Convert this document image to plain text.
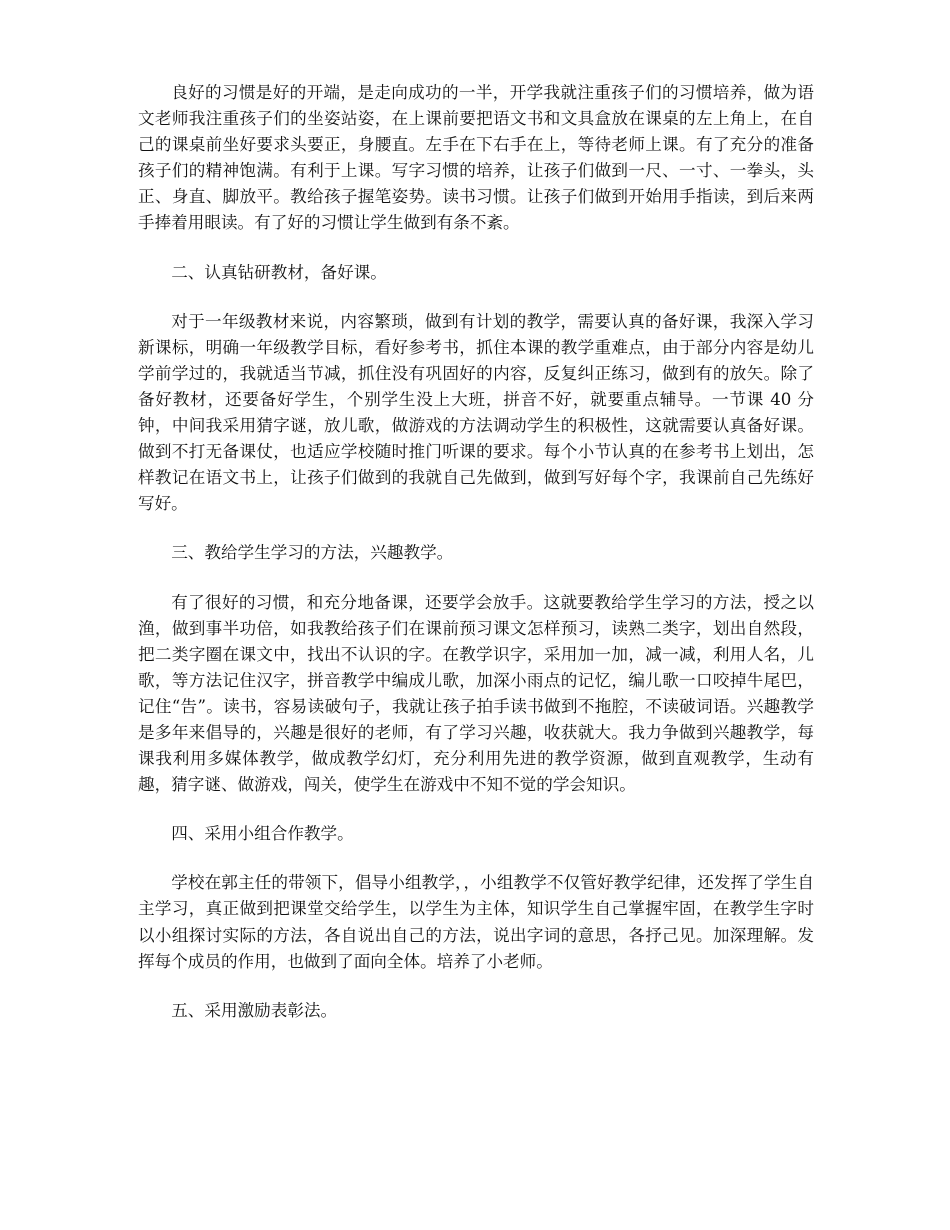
良好的习惯是好的开端，是走向成功的一半，开学我就注重孩子们的习惯培养，做为语文老师我注重孩子们的坐姿站姿，在上课前要把语文书和文具盒放在课桌的左上角上，在自己的课桌前坐好要求头要正，身腰直。左手在下右手在上，等待老师上课。有了充分的准备孩子们的精神饱满。有利于上课。写字习惯的培养，让孩子们做到一尺、一寸、一拳头，头正、身直、脚放平。教给孩子握笔姿势。读书习惯。让孩子们做到开始用手指读，到后来两手捧着用眼读。有了好的习惯让学生做到有条不紊。

二、认真钻研教材，备好课。

对于一年级教材来说，内容繁琐，做到有计划的教学，需要认真的备好课，我深入学习新课标，明确一年级教学目标，看好参考书，抓住本课的教学重难点，由于部分内容是幼儿学前学过的，我就适当节减，抓住没有巩固好的内容，反复纠正练习，做到有的放矢。除了备好教材，还要备好学生，个别学生没上大班，拼音不好，就要重点辅导。一节课 40 分钟，中间我采用猜字谜，放儿歌，做游戏的方法调动学生的积极性，这就需要认真备好课。做到不打无备课仗，也适应学校随时推门听课的要求。每个小节认真的在参考书上划出，怎样教记在语文书上，让孩子们做到的我就自己先做到，做到写好每个字，我课前自己先练好写好。

三、教给学生学习的方法，兴趣教学。

有了很好的习惯，和充分地备课，还要学会放手。这就要教给学生学习的方法，授之以渔，做到事半功倍，如我教给孩子们在课前预习课文怎样预习，读熟二类字，划出自然段，把二类字圈在课文中，找出不认识的字。在教学识字，采用加一加，减一减，利用人名，儿歌，等方法记住汉字，拼音教学中编成儿歌，加深小雨点的记忆，编儿歌一口咬掉牛尾巴，记住“告”。读书，容易读破句子，我就让孩子拍手读书做到不拖腔，不读破词语。兴趣教学是多年来倡导的，兴趣是很好的老师，有了学习兴趣，收获就大。我力争做到兴趣教学，每课我利用多媒体教学，做成教学幻灯，充分利用先进的教学资源，做到直观教学，生动有趣，猜字谜、做游戏，闯关，使学生在游戏中不知不觉的学会知识。

四、采用小组合作教学。

学校在郭主任的带领下，倡导小组教学，，小组教学不仅管好教学纪律，还发挥了学生自主学习，真正做到把课堂交给学生，以学生为主体，知识学生自己掌握牢固，在教学生字时以小组探讨实际的方法，各自说出自己的方法，说出字词的意思，各抒己见。加深理解。发挥每个成员的作用，也做到了面向全体。培养了小老师。

五、采用激励表彰法。
